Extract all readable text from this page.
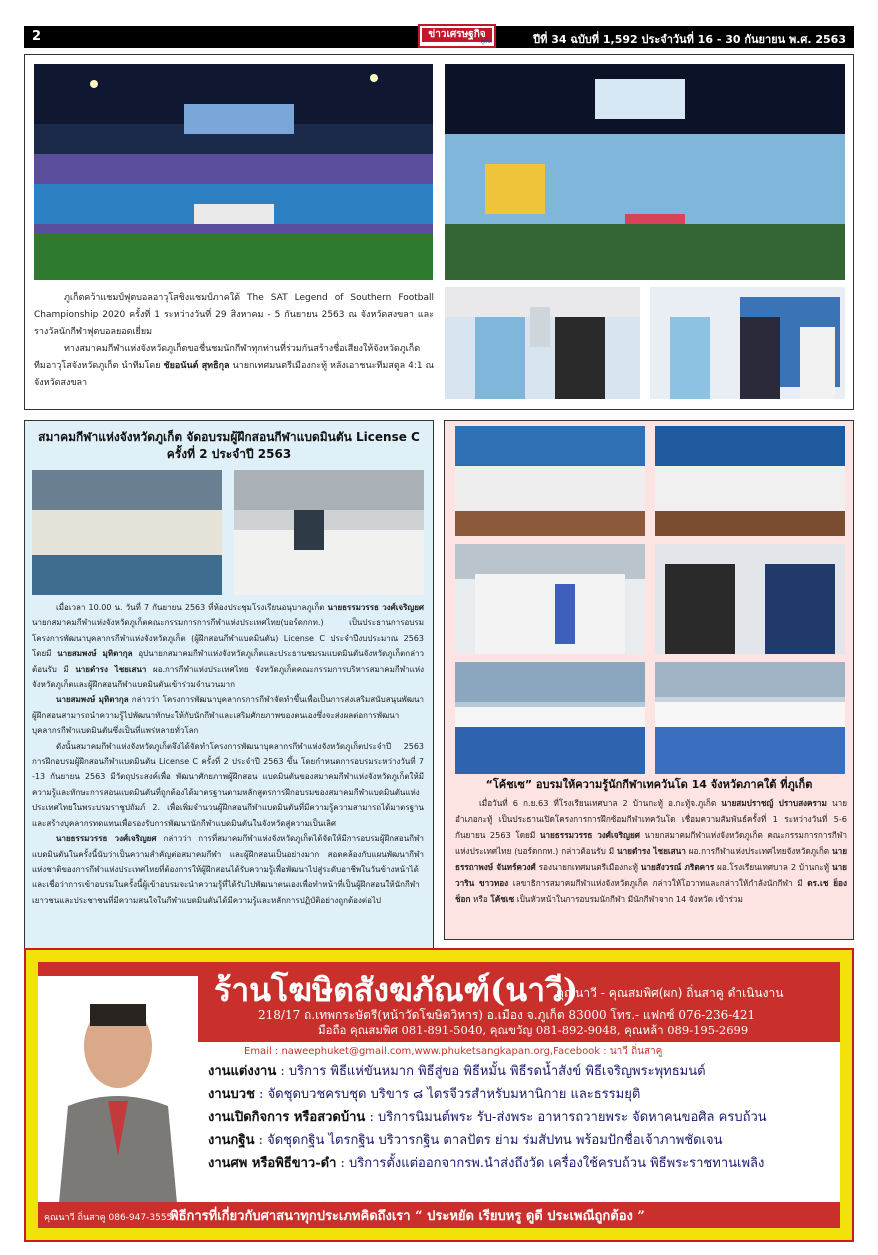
2	ข่าวเศรษฐกิจ
ภูเก็ต	ปีที่ 34 ฉบับที่ 1,592 ประจำวันที่ 16 - 30 กันยายน พ.ศ. 2563

ภูเก็ตคว้าแชมป์ฟุตบอลอาวุโสชิงแชมป์ภาคใต้ The SAT Legend of Southern Football Championship 2020 ครั้งที่ 1 ระหว่างวันที่ 29 สิงหาคม - 5 กันยายน 2563 ณ จังหวัดสงขลา และรางวัลนักกีฬาฟุตบอลยอดเยี่ยม

ทางสมาคมกีฬาแห่งจังหวัดภูเก็ตขอชื่นชมนักกีฬาทุกท่านที่ร่วมกันสร้างชื่อเสียงให้จังหวัดภูเก็ต ทีมอาวุโสจังหวัดภูเก็ต นำทีมโดย ชัยอนันต์ สุทธิกุล นายกเทศมนตรีเมืองกะทู้ หลังเอาชนะทีมสตูล 4:1 ณ จังหวัดสงขลา

สมาคมกีฬาแห่งจังหวัดภูเก็ต จัดอบรมผู้ฝึกสอนกีฬาแบดมินตัน License C
ครั้งที่ 2 ประจำปี 2563

เมื่อเวลา 10.00 น. วันที่ 7 กันยายน 2563 ที่ห้องประชุมโรงเรียนอนุบาลภูเก็ต นายธรรมวรรธ วงศ์เจริญยศ นายกสมาคมกีฬาแห่งจังหวัดภูเก็ตคณะกรรมการการกีฬาแห่งประเทศไทย(บอร์ดกกท.) เป็นประธานการอบรมโครงการพัฒนาบุคลากรกีฬาแห่งจังหวัดภูเก็ต (ผู้ฝึกสอนกีฬาแบดมินตัน) License C ประจำปีงบประมาณ 2563 โดยมี นายสมพงษ์ มุทิตากุล อุปนายกสมาคมกีฬาแห่งจังหวัดภูเก็ตและประธานชมรมแบดมินตันจังหวัดภูเก็ตกล่าวต้อนรับ มี นายดำรง ไชยเสนา ผอ.การกีฬาแห่งประเทศไทย จังหวัดภูเก็ตคณะกรรมการบริหารสมาคมกีฬาแห่งจังหวัดภูเก็ตและผู้ฝึกสอนกีฬาแบดมินตันเข้าร่วมจำนวนมาก

นายสมพงษ์ มุทิตากุล กล่าวว่า โครงการพัฒนาบุคลากรการกีฬาจัดทำขึ้นเพื่อเป็นการส่งเสริมสนับสนุนพัฒนาผู้ฝึกสอนสามารถนำความรู้ไปพัฒนาทักษะให้กับนักกีฬาและเสริมศักยภาพของตนเองซึ่งจะส่งผลต่อการพัฒนาบุคลากรกีฬาแบดมินตันซึ่งเป็นที่แพร่หลายทั่วโลก

ดังนั้นสมาคมกีฬาแห่งจังหวัดภูเก็ตจึงได้จัดทำโครงการพัฒนาบุคลากรกีฬาแห่งจังหวัดภูเก็ตประจำปี 2563 การฝึกอบรมผู้ฝึกสอนกีฬาแบดมินตัน License C ครั้งที่ 2 ประจำปี 2563 ขึ้น โดยกำหนดการอบรมระหว่างวันที่ 7 -13 กันยายน 2563 มีวัตถุประสงค์เพื่อ พัฒนาศักยภาพผู้ฝึกสอน แบดมินตันของสมาคมกีฬาแห่งจังหวัดภูเก็ตให้มีความรู้และทักษะการสอนแบดมินตันที่ถูกต้องได้มาตรฐานตามหลักสูตรการฝึกอบรมของสมาคมกีฬาแบดมินตันแห่งประเทศไทยในพระบรมราชูปถัมภ์ 2. เพื่อเพิ่มจำนวนผู้ฝึกสอนกีฬาแบดมินตันที่มีความรู้ความสามารถได้มาตรฐานและสร้างบุคลากรทดแทนเพื่อรองรับการพัฒนานักกีฬาแบดมินตันในจังหวัดสู่ความเป็นเลิศ

นายธรรมวรรธ วงศ์เจริญยศ กล่าวว่า การที่สมาคมกีฬาแห่งจังหวัดภูเก็ตได้จัดให้มีการอบรมผู้ฝึกสอนกีฬาแบดมินตันในครั้งนี้นับว่าเป็นความสำคัญต่อสมาคมกีฬา และผู้ฝึกสอนเป็นอย่างมาก สอดคล้องกับแผนพัฒนากีฬาแห่งชาติของการกีฬาแห่งประเทศไทยที่ต้องการให้ผู้ฝึกสอนได้รับความรู้เพื่อพัฒนาไปสู่ระดับอาชีพในวันข้างหน้าได้ และเชื่อว่าการเข้าอบรมในครั้งนี้ผู้เข้าอบรมจะนำความรู้ที่ได้รับไปพัฒนาตนเองเพื่อทำหน้าที่เป็นผู้ฝึกสอนให้นักกีฬาเยาวชนและประชาชนที่มีความสนใจในกีฬาแบดมินตันได้มีความรู้และหลักการปฏิบัติอย่างถูกต้องต่อไป

“โค้ชเซ” อบรมให้ความรู้นักกีฬาเทควันโด 14 จังหวัดภาคใต้ ที่ภูเก็ต

เมื่อวันที่ 6 ก.ย.63 ที่โรงเรียนเทศบาล 2 บ้านกะทู้ อ.กะทู้จ.ภูเก็ต นายสมปราชญ์ ปราบสงคราม นายอำเภอกะทู้ เป็นประธานเปิดโครงการการฝึกซ้อมกีฬาเทควันโด เชื่อมความสัมพันธ์ครั้งที่ 1 ระหว่างวันที่ 5-6 กันยายน 2563 โดยมี นายธรรมวรรธ วงศ์เจริญยศ นายกสมาคมกีฬาแห่งจังหวัดภูเก็ต คณะกรรมการการกีฬาแห่งประเทศไทย (บอร์ดกกท.) กล่าวต้อนรับ มี นายดำรง ไชยเสนา ผอ.การกีฬาแห่งประเทศไทยจังหวัดภูเก็ต นายธรรถาพงษ์ จันทร์ควงศ์ รองนายกเทศมนตรีเมืองกะทู้ นายสังวรณ์ ภริตคาร ผอ.โรงเรียนเทศบาล 2 บ้านกะทู้ นายวาริน ขาวทอง เลขาธิการสมาคมกีฬาแห่งจังหวัดภูเก็ต กล่าวให้โอวาทและกล่าวให้กำลังนักกีฬา มี ดร.เช ย็อง ช็อก หรือ โค้ชเซ เป็นหัวหน้าในการอบรมนักกีฬา มีนักกีฬาจาก 14 จังหวัด เข้าร่วม

ร้านโฆษิตสังฆภัณฑ์(นาวี)
คุณนาวี - คุณสมพิศ(ผก) ถิ่นสาคู ดำเนินงาน
218/17 ถ.เทพกระษัตรี(หน้าวัดโฆษิตวิหาร) อ.เมือง จ.ภูเก็ต 83000 โทร.- แฟกซ์ 076-236-421
มือถือ คุณสมพิศ 081-891-5040, คุณขวัญ 081-892-9048, คุณหล้า 089-195-2699
Email : naweephuket@gmail.com,www.phuketsangkapan.org,Facebook : นาวี ถิ่นสาคู
งานแต่งงาน : บริการ พิธีแห่ขันหมาก พิธีสู่ขอ พิธีหมั้น พิธีรดน้ำสังข์ พิธีเจริญพระพุทธมนต์
งานบวช : จัดชุดบวชครบชุด บริขาร ๘ ไตรจีวรสำหรับมหานิกาย และธรรมยุติ
งานเปิดกิจการ หรือสวดบ้าน : บริการนิมนต์พระ รับ-ส่งพระ อาหารถวายพระ จัดหาคนขอศิล ครบถ้วน
งานกฐิน : จัดชุดกฐิน ไตรกฐิน บริวารกฐิน ตาลปัตร ย่าม ร่มสัปทน พร้อมปักชื่อเจ้าภาพชัดเจน
งานศพ หรือพิธีขาว-ดำ : บริการตั้งแต่ออกจากรพ.นำส่งถึงวัด เครื่องใช้ครบถ้วน พิธีพระราชทานเพลิง
คุณนาวี ถิ่นสาคู 086-947-3555
พิธีการที่เกี่ยวกับศาสนาทุกประเภทคิดถึงเรา “ ประหยัด เรียบหรู ดูดี ประเพณีถูกต้อง ”
